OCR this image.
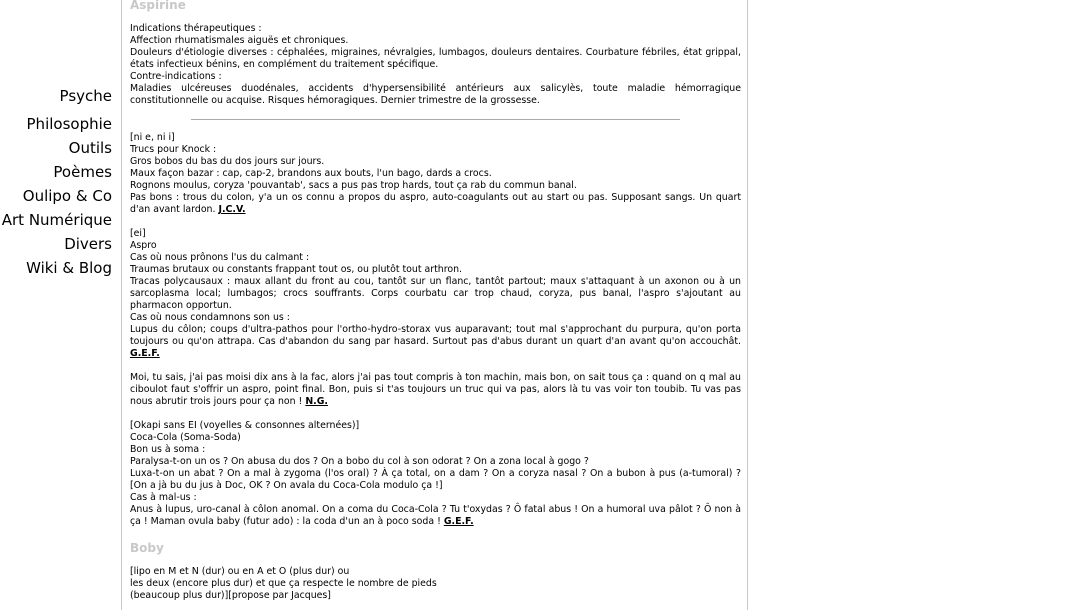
Psyche
Philosophie
Outils
Poèmes
Oulipo & Co
Art Numérique
Divers
Wiki & Blog
Aspirine

Indications thérapeutiques :
Affection rhumatismales aiguës et chroniques.
Douleurs d'étiologie diverses : céphalées, migraines, névralgies, lumbagos, douleurs dentaires. Courbature fébriles, état grippal, états infectieux bénins, en complément du traitement spécifique.
Contre-indications :
Maladies ulcéreuses duodénales, accidents d'hypersensibilité antérieurs aux salicylès, toute maladie hémorragique constitutionnelle ou acquise. Risques hémoragiques. Dernier trimestre de la grossesse.

[ni e, ni i]
Trucs pour Knock :
Gros bobos du bas du dos jours sur jours.
Maux façon bazar : cap, cap-2, brandons aux bouts, l'un bago, dards a crocs.
Rognons moulus, coryza 'pouvantab', sacs a pus pas trop hards, tout ça rab du commun banal.
Pas bons : trous du colon, y'a un os connu a propos du aspro, auto-coagulants out au start ou pas. Supposant sangs. Un quart d'an avant lardon. J.C.V.

[ei]
Aspro
Cas où nous prônons l'us du calmant :
Traumas brutaux ou constants frappant tout os, ou plutôt tout arthron.
Tracas polycausaux : maux allant du front au cou, tantôt sur un flanc, tantôt partout; maux s'attaquant à un axonon ou à un sarcoplasma local; lumbagos; crocs souffrants. Corps courbatu car trop chaud, coryza, pus banal, l'aspro s'ajoutant au pharmacon opportun.
Cas où nous condamnons son us :
Lupus du côlon; coups d'ultra-pathos pour l'ortho-hydro-storax vus auparavant; tout mal s'approchant du purpura, qu'on porta toujours ou qu'on attrapa. Cas d'abandon du sang par hasard. Surtout pas d'abus durant un quart d'an avant qu'on accouchât. G.E.F.

Moi, tu sais, j'ai pas moisi dix ans à la fac, alors j'ai pas tout compris à ton machin, mais bon, on sait tous ça : quand on q mal au ciboulot faut s'offrir un aspro, point final. Bon, puis si t'as toujours un truc qui va pas, alors là tu vas voir ton toubib. Tu vas pas nous abrutir trois jours pour ça non ! N.G.

[Okapi sans EI (voyelles & consonnes alternées)]
Coca-Cola (Soma-Soda)
Bon us à soma :
Paralysa-t-on un os ? On abusa du dos ? On a bobo du col à son odorat ? On a zona local à gogo ?
Luxa-t-on un abat ? On a mal à zygoma (l'os oral) ? À ça total, on a dam ? On a coryza nasal ? On a bubon à pus (a-tumoral) ? [On a jà bu du jus à Doc, OK ? On avala du Coca-Cola modulo ça !]
Cas à mal-us :
Anus à lupus, uro-canal à côlon anomal. On a coma du Coca-Cola ? Tu t'oxydas ? Ô fatal abus ! On a humoral uva pâlot ? Ô non à ça ! Maman ovula baby (futur ado) : la coda d'un an à poco soda ! G.E.F.

Boby

[lipo en M et N (dur) ou en A et O (plus dur) ou
les deux (encore plus dur) et que ça respecte le nombre de pieds
(beaucoup plus dur)][propose par Jacques]
